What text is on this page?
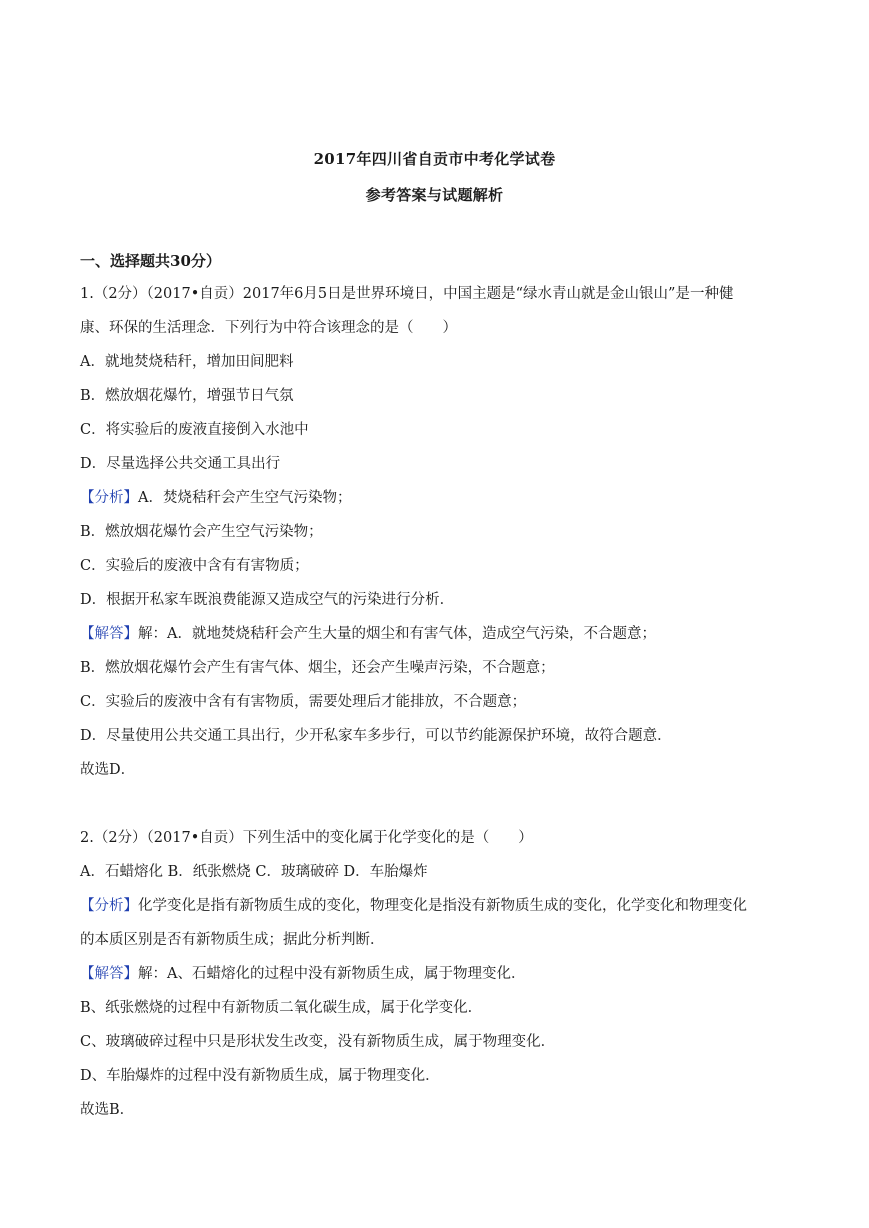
2017年四川省自贡市中考化学试卷
参考答案与试题解析
一、选择题共30分）
1.（2分）（2017•自贡）2017年6月5日是世界环境日，中国主题是“绿水青山就是金山银山”是一种健
康、环保的生活理念．下列行为中符合该理念的是（　　）
A．就地焚烧秸秆，增加田间肥料
B．燃放烟花爆竹，增强节日气氛
C．将实验后的废液直接倒入水池中
D．尽量选择公共交通工具出行
【分析】A．焚烧秸秆会产生空气污染物；
B．燃放烟花爆竹会产生空气污染物；
C．实验后的废液中含有有害物质；
D．根据开私家车既浪费能源又造成空气的污染进行分析．
【解答】解：A．就地焚烧秸秆会产生大量的烟尘和有害气体，造成空气污染，不合题意；
B．燃放烟花爆竹会产生有害气体、烟尘，还会产生噪声污染，不合题意；
C．实验后的废液中含有有害物质，需要处理后才能排放，不合题意；
D．尽量使用公共交通工具出行，少开私家车多步行，可以节约能源保护环境，故符合题意．
故选D．
2.（2分）（2017•自贡）下列生活中的变化属于化学变化的是（　　）
A．石蜡熔化 B．纸张燃烧 C．玻璃破碎 D．车胎爆炸
【分析】化学变化是指有新物质生成的变化，物理变化是指没有新物质生成的变化，化学变化和物理变化
的本质区别是否有新物质生成；据此分析判断．
【解答】解：A、石蜡熔化的过程中没有新物质生成，属于物理变化．
B、纸张燃烧的过程中有新物质二氧化碳生成，属于化学变化．
C、玻璃破碎过程中只是形状发生改变，没有新物质生成，属于物理变化．
D、车胎爆炸的过程中没有新物质生成，属于物理变化．
故选B．
